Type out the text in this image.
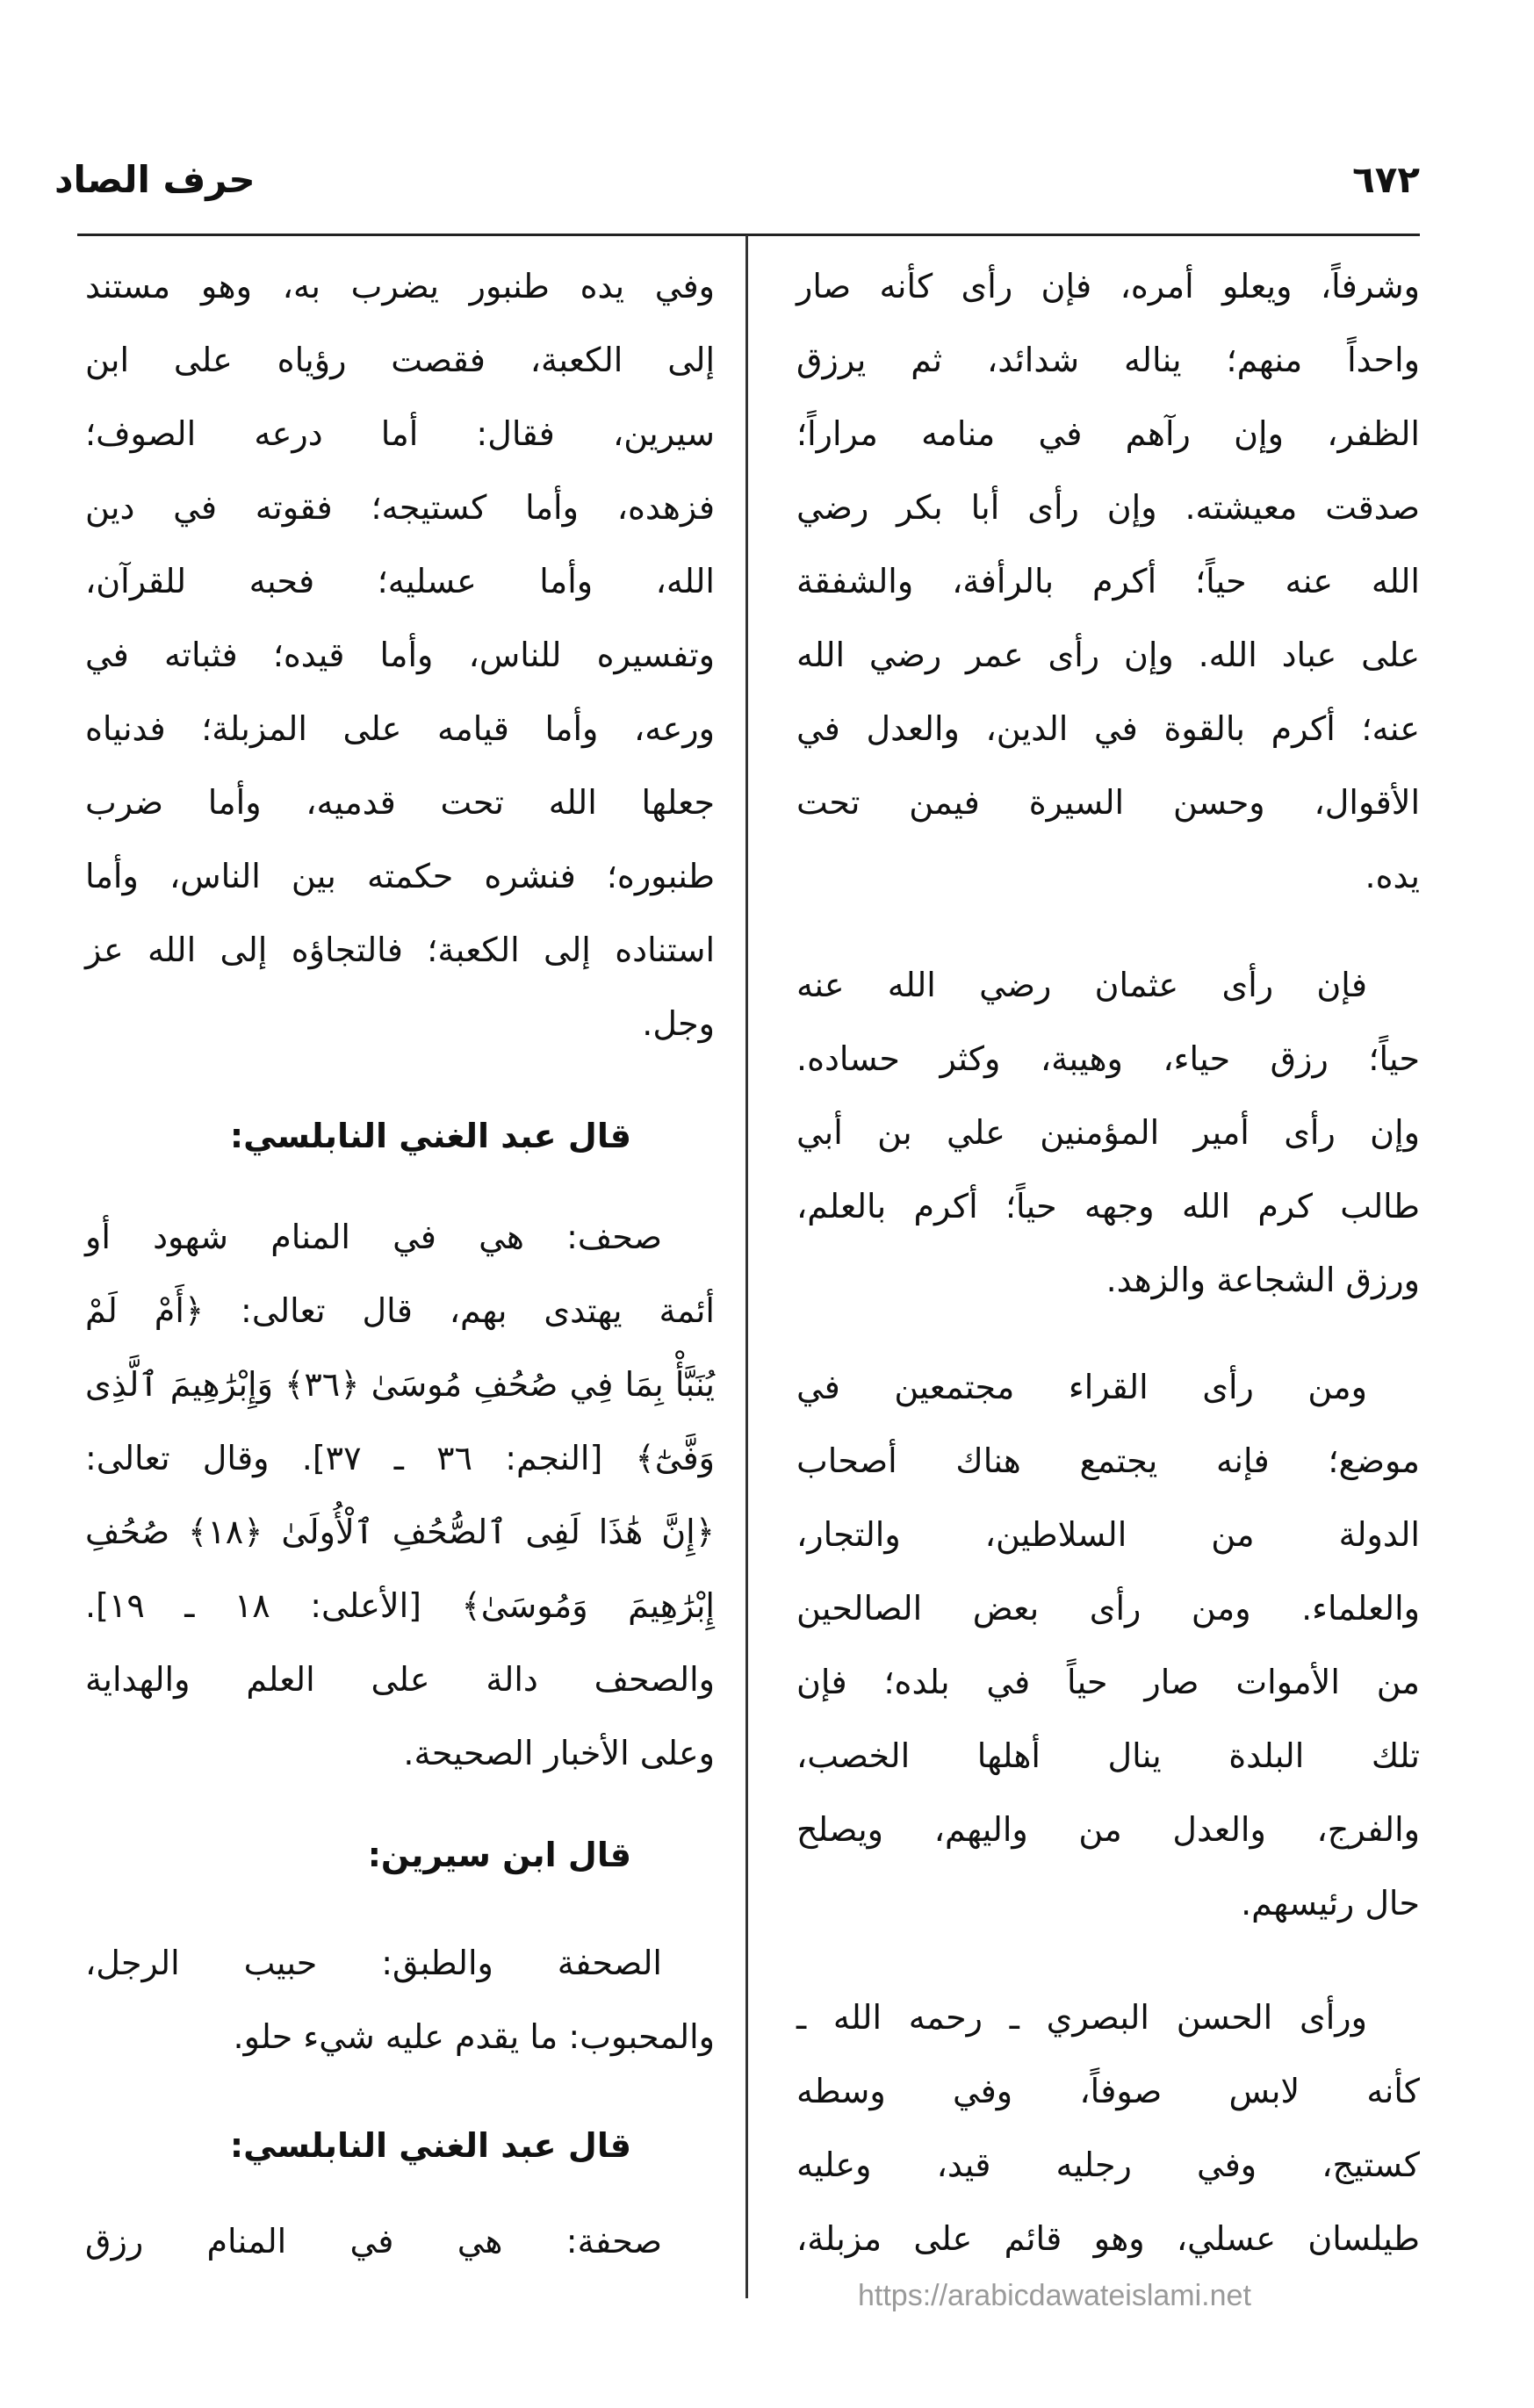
٦٧٢
حرف الصاد
وشرفاً، ويعلو أمره، فإن رأى كأنه صار
واحداً منهم؛ يناله شدائد، ثم يرزق
الظفر، وإن رآهم في منامه مراراً؛
صدقت معيشته. وإن رأى أبا بكر رضي
الله عنه حياً؛ أكرم بالرأفة، والشفقة
على عباد الله. وإن رأى عمر رضي الله
عنه؛ أكرم بالقوة في الدين، والعدل في
الأقوال، وحسن السيرة فيمن تحت
يده.
فإن رأى عثمان رضي الله عنه
حياً؛ رزق حياء، وهيبة، وكثر حساده.
وإن رأى أمير المؤمنين علي بن أبي
طالب كرم الله وجهه حياً؛ أكرم بالعلم،
ورزق الشجاعة والزهد.
ومن رأى القراء مجتمعين في
موضع؛ فإنه يجتمع هناك أصحاب
الدولة من السلاطين، والتجار،
والعلماء. ومن رأى بعض الصالحين
من الأموات صار حياً في بلده؛ فإن
تلك البلدة ينال أهلها الخصب،
والفرج، والعدل من واليهم، ويصلح
حال رئيسهم.
ورأى الحسن البصري ـ رحمه الله ـ
كأنه لابس صوفاً، وفي وسطه
كستيج، وفي رجليه قيد، وعليه
طيلسان عسلي، وهو قائم على مزبلة،
وفي يده طنبور يضرب به، وهو مستند
إلى الكعبة، فقصت رؤياه على ابن
سيرين، فقال: أما درعه الصوف؛
فزهده، وأما كستيجه؛ فقوته في دين
الله، وأما عسليه؛ فحبه للقرآن،
وتفسيره للناس، وأما قيده؛ فثباته في
ورعه، وأما قيامه على المزبلة؛ فدنياه
جعلها الله تحت قدميه، وأما ضرب
طنبوره؛ فنشره حكمته بين الناس، وأما
استناده إلى الكعبة؛ فالتجاؤه إلى الله عز
وجل.
قال عبد الغني النابلسي:
صحف: هي في المنام شهود أو
أئمة يهتدى بهم، قال تعالى: ﴿أَمْ لَمْ
يُنَبَّأْ بِمَا فِي صُحُفِ مُوسَىٰ ﴿٣٦﴾ وَإِبْرَٰهِيمَ ٱلَّذِى
وَفَّىٰٓ﴾ [النجم: ٣٦ ـ ٣٧]. وقال تعالى:
﴿إِنَّ هَٰذَا لَفِى ٱلصُّحُفِ ٱلْأُولَىٰ ﴿١٨﴾ صُحُفِ
إِبْرَٰهِيمَ وَمُوسَىٰ﴾ [الأعلى: ١٨ ـ ١٩].
والصحف دالة على العلم والهداية
وعلى الأخبار الصحيحة.
قال ابن سيرين:
الصحفة والطبق: حبيب الرجل،
والمحبوب: ما يقدم عليه شيء حلو.
قال عبد الغني النابلسي:
صحفة: هي في المنام رزق
https://arabicdawateislami.net
